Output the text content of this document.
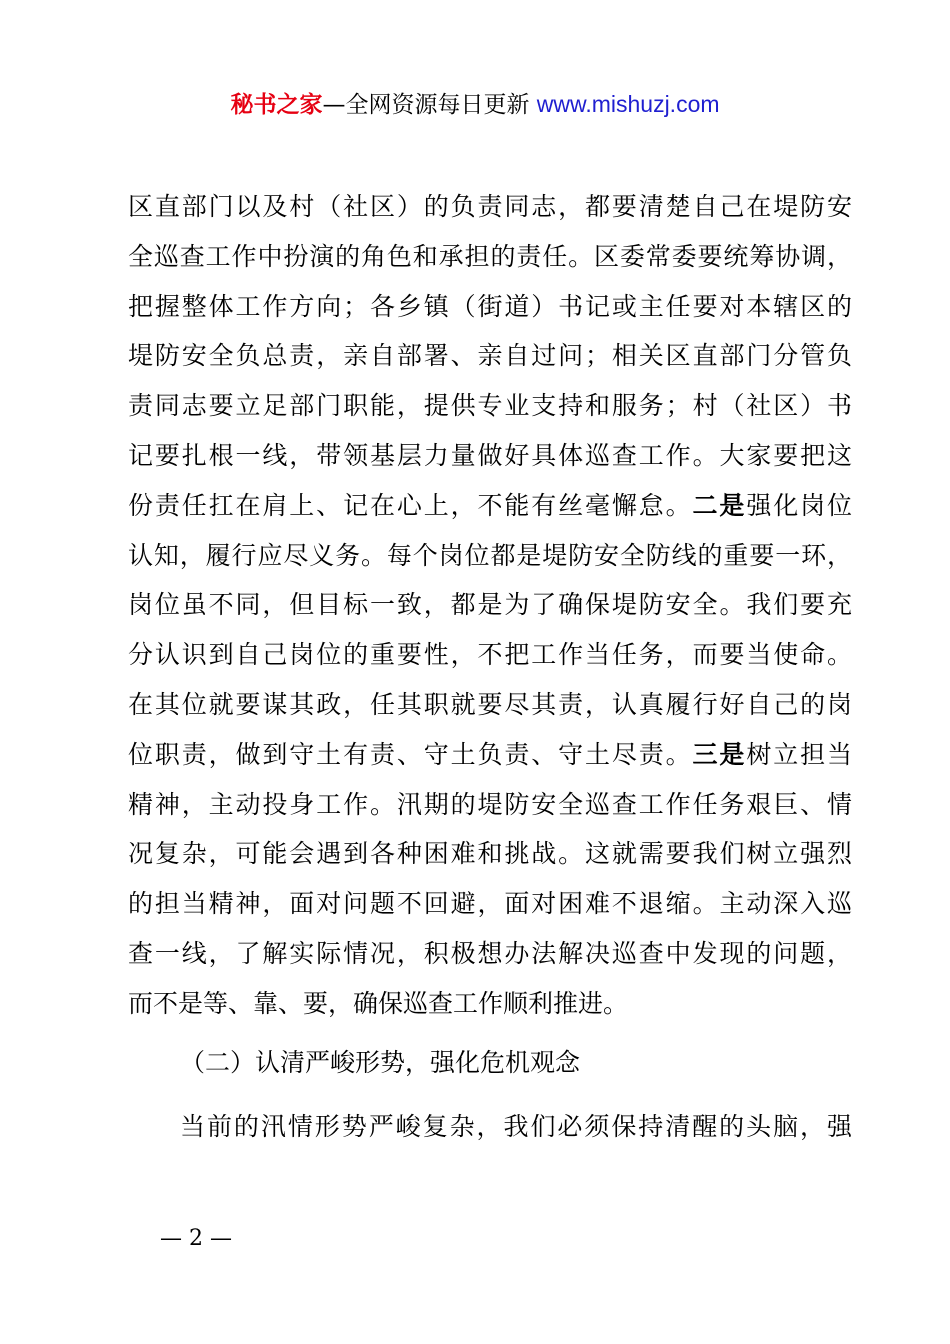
秘书之家—全网资源每日更新 www.mishuzj.com
区直部门以及村（社区）的负责同志，都要清楚自己在堤防安
全巡查工作中扮演的角色和承担的责任。区委常委要统筹协调，
把握整体工作方向；各乡镇（街道）书记或主任要对本辖区的
堤防安全负总责，亲自部署、亲自过问；相关区直部门分管负
责同志要立足部门职能，提供专业支持和服务；村（社区）书
记要扎根一线，带领基层力量做好具体巡查工作。大家要把这
份责任扛在肩上、记在心上，不能有丝毫懈怠。二是强化岗位
认知，履行应尽义务。每个岗位都是堤防安全防线的重要一环，
岗位虽不同，但目标一致，都是为了确保堤防安全。我们要充
分认识到自己岗位的重要性，不把工作当任务，而要当使命。
在其位就要谋其政，任其职就要尽其责，认真履行好自己的岗
位职责，做到守土有责、守土负责、守土尽责。三是树立担当
精神，主动投身工作。汛期的堤防安全巡查工作任务艰巨、情
况复杂，可能会遇到各种困难和挑战。这就需要我们树立强烈
的担当精神，面对问题不回避，面对困难不退缩。主动深入巡
查一线，了解实际情况，积极想办法解决巡查中发现的问题，
而不是等、靠、要，确保巡查工作顺利推进。
（二）认清严峻形势，强化危机观念
当前的汛情形势严峻复杂，我们必须保持清醒的头脑，强
— 2 —
